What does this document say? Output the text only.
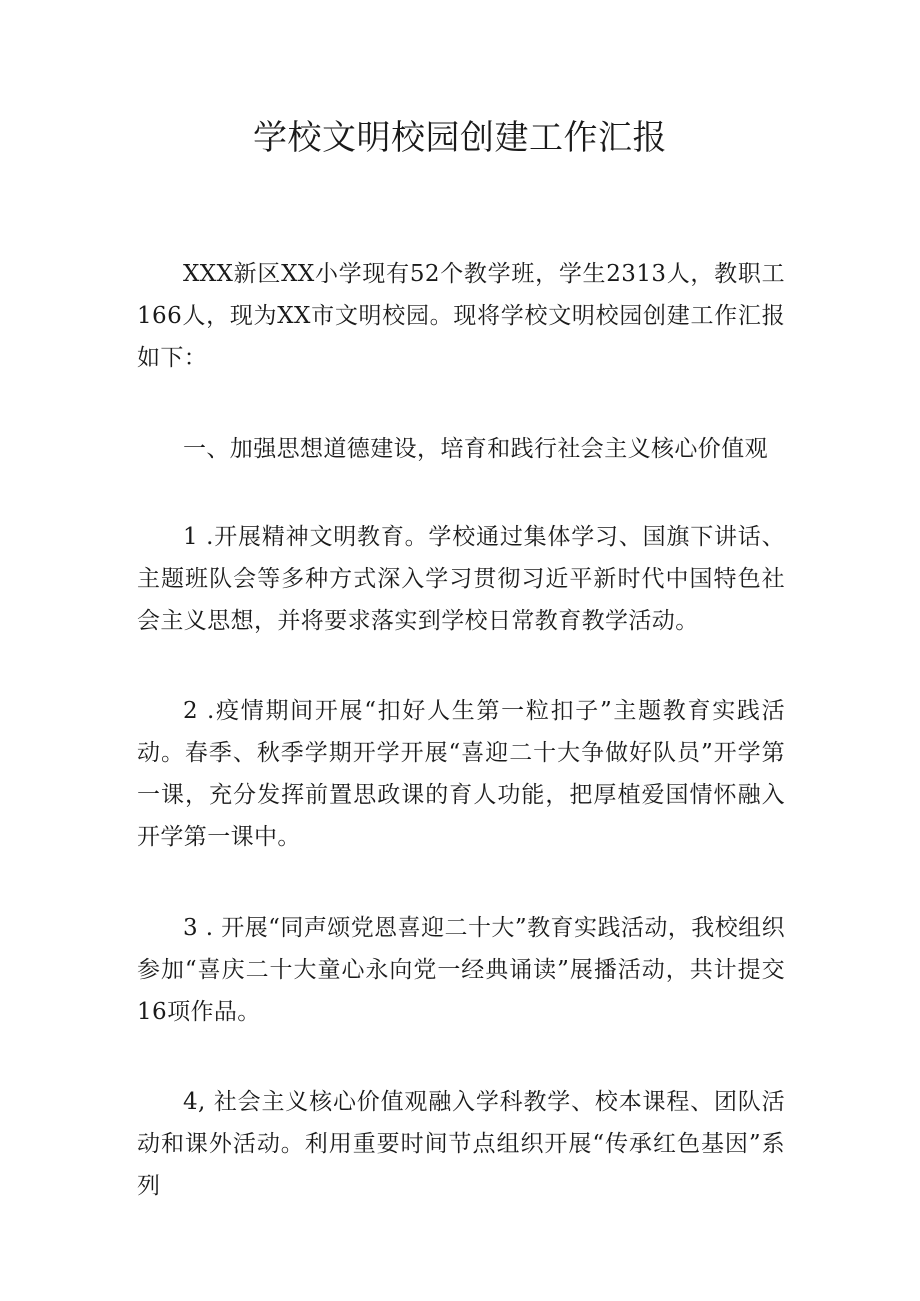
学校文明校园创建工作汇报

XXX新区XX小学现有52个教学班，学生2313人，教职工166人，现为XX市文明校园。现将学校文明校园创建工作汇报如下：

一、加强思想道德建设，培育和践行社会主义核心价值观

1 .开展精神文明教育。学校通过集体学习、国旗下讲话、主题班队会等多种方式深入学习贯彻习近平新时代中国特色社会主义思想，并将要求落实到学校日常教育教学活动。

2 .疫情期间开展“扣好人生第一粒扣子”主题教育实践活动。春季、秋季学期开学开展“喜迎二十大争做好队员”开学第一课，充分发挥前置思政课的育人功能，把厚植爱国情怀融入开学第一课中。

3 . 开展“同声颂党恩喜迎二十大”教育实践活动，我校组织参加“喜庆二十大童心永向党一经典诵读”展播活动，共计提交16项作品。

4, 社会主义核心价值观融入学科教学、校本课程、团队活动和课外活动。利用重要时间节点组织开展“传承红色基因”系列
